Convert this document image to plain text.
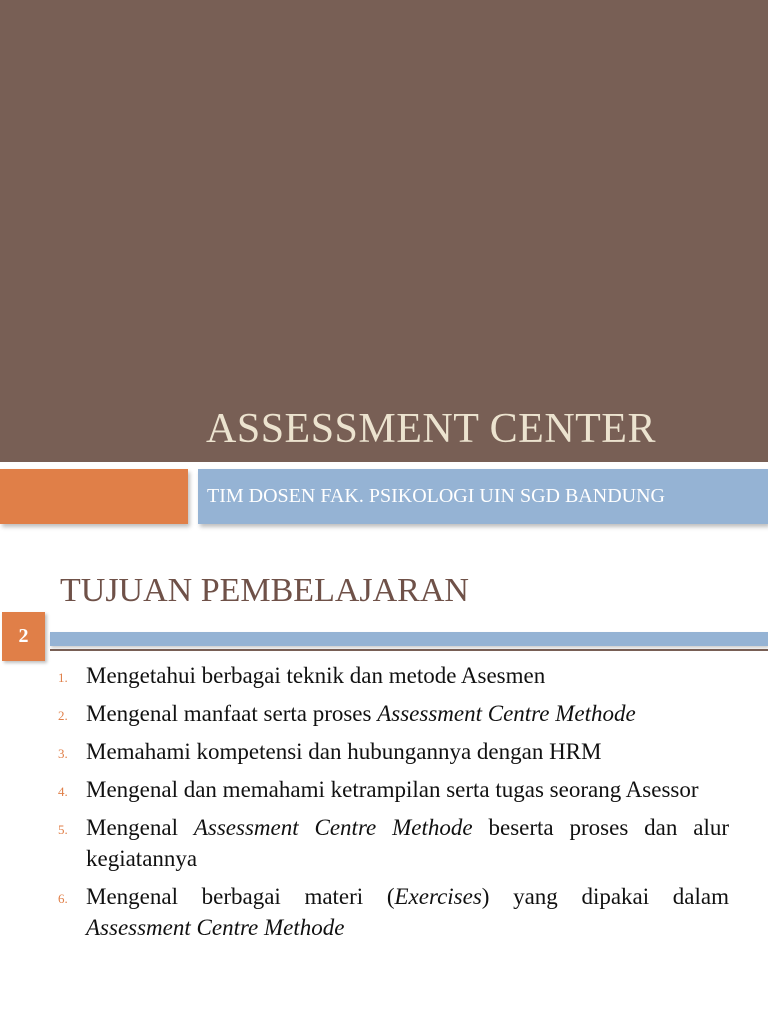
ASSESSMENT CENTER
TIM DOSEN FAK. PSIKOLOGI UIN SGD BANDUNG
TUJUAN PEMBELAJARAN
2
1. Mengetahui berbagai teknik dan metode Asesmen
2. Mengenal manfaat serta proses Assessment Centre Methode
3. Memahami kompetensi dan hubungannya dengan HRM
4. Mengenal dan memahami ketrampilan serta tugas seorang Asessor
5. Mengenal Assessment Centre Methode beserta proses dan alur kegiatannya
6. Mengenal berbagai materi (Exercises) yang dipakai dalam Assessment Centre Methode
